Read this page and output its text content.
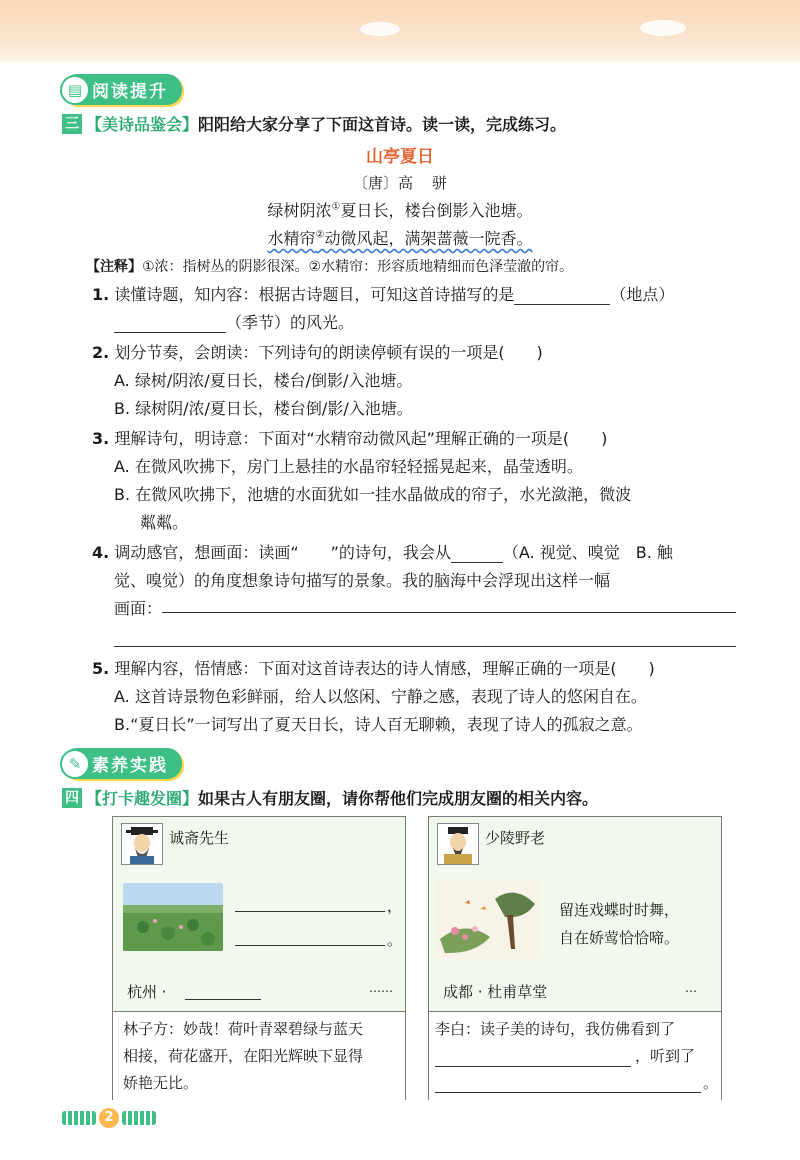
▤ 阅读提升
三 【美诗品鉴会】 阳阳给大家分享了下面这首诗。读一读，完成练习。
山亭夏日
〔唐〕高 骈
绿树阴浓①夏日长，楼台倒影入池塘。
水精帘②动微风起，满架蔷薇一院香。
【注释】①浓：指树丛的阴影很深。②水精帘：形容质地精细而色泽莹澈的帘。
1. 读懂诗题，知内容：根据古诗题目，可知这首诗描写的是	（地点）
（季节）的风光。
2. 划分节奏，会朗读：下列诗句的朗读停顿有误的一项是(　　)
A. 绿树/阴浓/夏日长，楼台/倒影/入池塘。
B. 绿树阴/浓/夏日长，楼台倒/影/入池塘。
3. 理解诗句，明诗意：下面对“水精帘动微风起”理解正确的一项是(　　)
A. 在微风吹拂下，房门上悬挂的水晶帘轻轻摇晃起来，晶莹透明。
B. 在微风吹拂下，池塘的水面犹如一挂水晶做成的帘子，水光潋滟，微波
粼粼。
4. 调动感官，想画面：读画“ ”的诗句，我会从	（A. 视觉、嗅觉　B. 触
觉、嗅觉）的角度想象诗句描写的景象。我的脑海中会浮现出这样一幅
画面：
5. 理解内容，悟情感：下面对这首诗表达的诗人情感，理解正确的一项是(　　)
A. 这首诗景物色彩鲜丽，给人以悠闲、宁静之感，表现了诗人的悠闲自在。
B.“夏日长”一词写出了夏天日长，诗人百无聊赖，表现了诗人的孤寂之意。
✎ 素养实践
四 【打卡趣发圈】 如果古人有朋友圈，请你帮他们完成朋友圈的相关内容。
诚斋先生
，
。
杭州 ·	……
林子方：妙哉！荷叶青翠碧绿与蓝天
相接，荷花盛开，在阳光辉映下显得
娇艳无比。
少陵野老
留连戏蝶时时舞，
自在娇莺恰恰啼。
成都 · 杜甫草堂	…
李白：读子美的诗句，我仿佛看到了
，听到了
。
2
